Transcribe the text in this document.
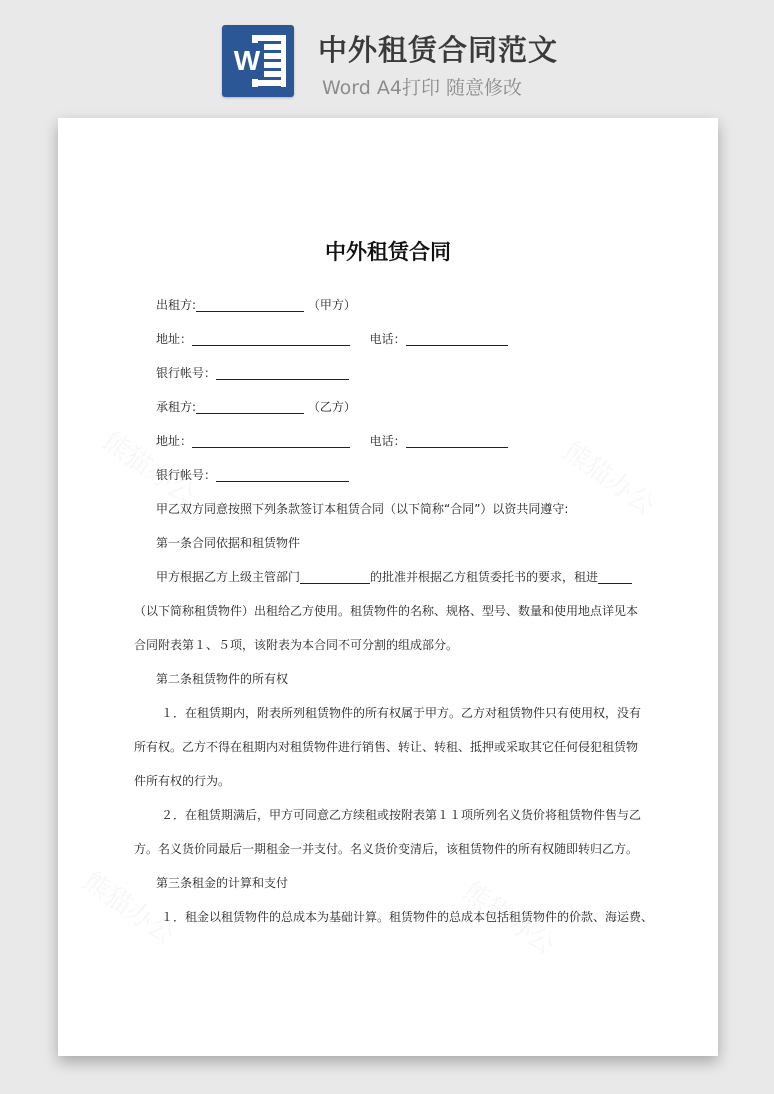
W 中外租赁合同范文
Word A4打印 随意修改
中外租赁合同
出租方:	（甲方）
地址：	电话：
银行帐号：
承租方:	（乙方）
地址：	电话：
银行帐号：
甲乙双方同意按照下列条款签订本租赁合同（以下简称“合同”）以资共同遵守:
第一条合同依据和租赁物件
甲方根据乙方上级主管部门	的批准并根据乙方租赁委托书的要求，租进
（以下简称租赁物件）出租给乙方使用。租赁物件的名称、规格、型号、数量和使用地点详见本
合同附表第１、５项，该附表为本合同不可分割的组成部分。
第二条租赁物件的所有权
１．在租赁期内，附表所列租赁物件的所有权属于甲方。乙方对租赁物件只有使用权，没有
所有权。乙方不得在租期内对租赁物件进行销售、转让、转租、抵押或采取其它任何侵犯租赁物
件所有权的行为。
２．在租赁期满后，甲方可同意乙方续租或按附表第１１项所列名义货价将租赁物件售与乙
方。名义货价同最后一期租金一并支付。名义货价变清后，该租赁物件的所有权随即转归乙方。
第三条租金的计算和支付
１．租金以租赁物件的总成本为基础计算。租赁物件的总成本包括租赁物件的价款、海运费、
